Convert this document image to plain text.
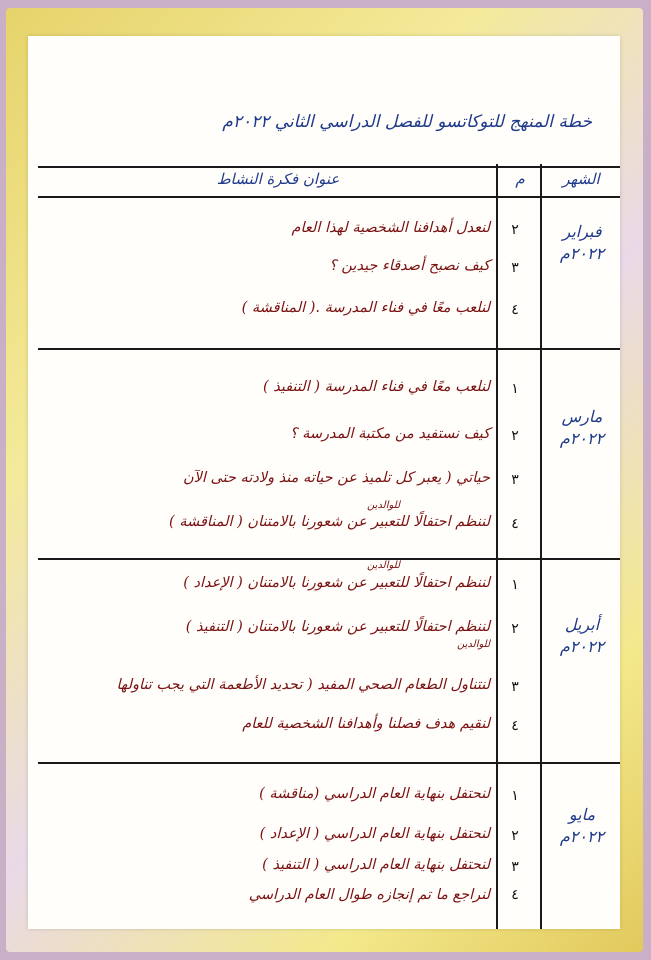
خطة المنهج للتوكاتسو للفصل الدراسي الثاني ٢٠٢٢م
الشهر
م
عنوان فكرة النشاط
فبراير
٢٠٢٢م
٢
لنعدل أهدافنا الشخصية لهذا العام
٣
كيف نصبح أصدقاء جيدين ؟
٤
لنلعب معًا في فناء المدرسة .( المناقشة )
مارس
٢٠٢٢م
١
لنلعب معًا في فناء المدرسة ( التنفيذ )
٢
كيف نستفيد من مكتبة المدرسة ؟
٣
حياتي ( يعبر كل تلميذ عن حياته منذ ولادته حتى الآن
للوالدين
٤
لننظم احتفالًا للتعبير عن شعورنا بالامتنان ( المناقشة )
أبريل
٢٠٢٢م
للوالدين
١
لننظم احتفالًا للتعبير عن شعورنا بالامتنان ( الإعداد )
٢
لننظم احتفالًا للتعبير عن شعورنا بالامتنان ( التنفيذ )
للوالدين
٣
لنتناول الطعام الصحي المفيد ( تحديد الأطعمة التي يجب تناولها
٤
لنقيم هدف فصلنا وأهدافنا الشخصية للعام
مايو
٢٠٢٢م
١
لنحتفل بنهاية العام الدراسي (مناقشة )
٢
لنحتفل بنهاية العام الدراسي ( الإعداد )
٣
لنحتفل بنهاية العام الدراسي ( التنفيذ )
٤
لنراجع ما تم إنجازه طوال العام الدراسي
